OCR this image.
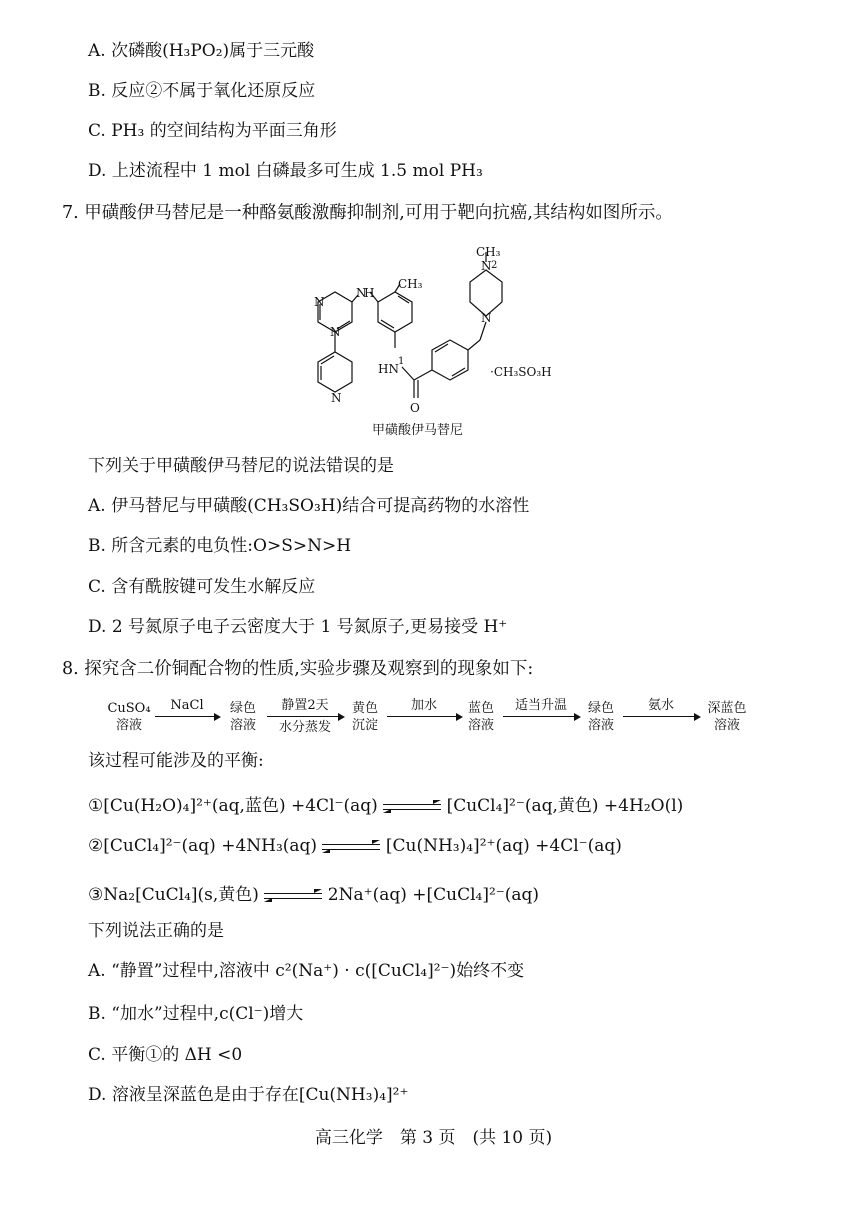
A. 次磷酸(H₃PO₂)属于三元酸
B. 反应②不属于氧化还原反应
C. PH₃ 的空间结构为平面三角形
D. 上述流程中 1 mol 白磷最多可生成 1.5 mol PH₃
7. 甲磺酸伊马替尼是一种酪氨酸激酶抑制剂,可用于靶向抗癌,其结构如图所示。
CH₃
N 2
N
N
H
CH₃
HN
1
O
N
N
N
·CH₃SO₃H
甲磺酸伊马替尼
下列关于甲磺酸伊马替尼的说法错误的是
A. 伊马替尼与甲磺酸(CH₃SO₃H)结合可提高药物的水溶性
B. 所含元素的电负性:O>S>N>H
C. 含有酰胺键可发生水解反应
D. 2 号氮原子电子云密度大于 1 号氮原子,更易接受 H⁺
8. 探究含二价铜配合物的性质,实验步骤及观察到的现象如下:
CuSO₄
溶液
NaCl	绿色
溶液
静置2天
水分蒸发
黄色
沉淀
加水	蓝色
溶液
适当升温	绿色
溶液
氨水	深蓝色
溶液
该过程可能涉及的平衡:
①[Cu(H₂O)₄]²⁺(aq,蓝色) +4Cl⁻(aq)	[CuCl₄]²⁻(aq,黄色) +4H₂O(l)
②[CuCl₄]²⁻(aq) +4NH₃(aq)	[Cu(NH₃)₄]²⁺(aq) +4Cl⁻(aq)
③Na₂[CuCl₄](s,黄色)	2Na⁺(aq) +[CuCl₄]²⁻(aq)
下列说法正确的是
A. “静置”过程中,溶液中 c²(Na⁺) · c([CuCl₄]²⁻)始终不变
B. “加水”过程中,c(Cl⁻)增大
C. 平衡①的 ΔH <0
D. 溶液呈深蓝色是由于存在[Cu(NH₃)₄]²⁺
高三化学　第 3 页　(共 10 页)
